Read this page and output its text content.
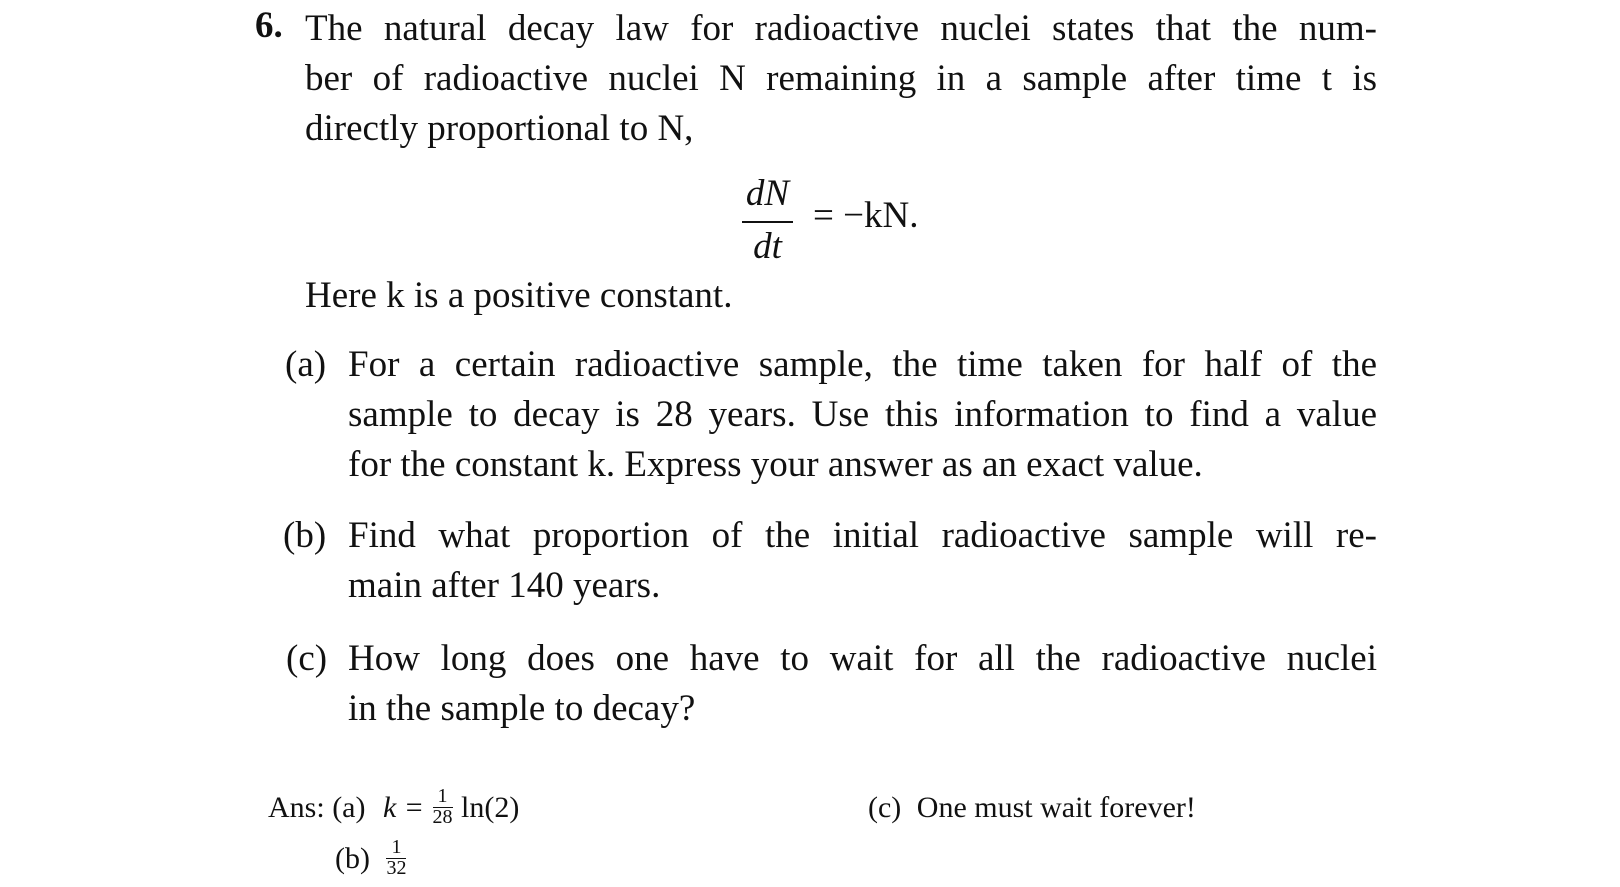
6. The natural decay law for radioactive nuclei states that the num-
ber of radioactive nuclei N remaining in a sample after time t is
directly proportional to N,
dN
dt
= −kN.
Here k is a positive constant.
(a) For a certain radioactive sample, the time taken for half of the
sample to decay is 28 years. Use this information to find a value
for the constant k. Express your answer as an exact value.
(b) Find what proportion of the initial radioactive sample will re-
main after 140 years.
(c) How long does one have to wait for all the radioactive nuclei
in the sample to decay?
Ans: (a) $k = \frac{1}{28} \ln(2)$	(c) One must wait forever!
$(b) \frac{1}{32}$
